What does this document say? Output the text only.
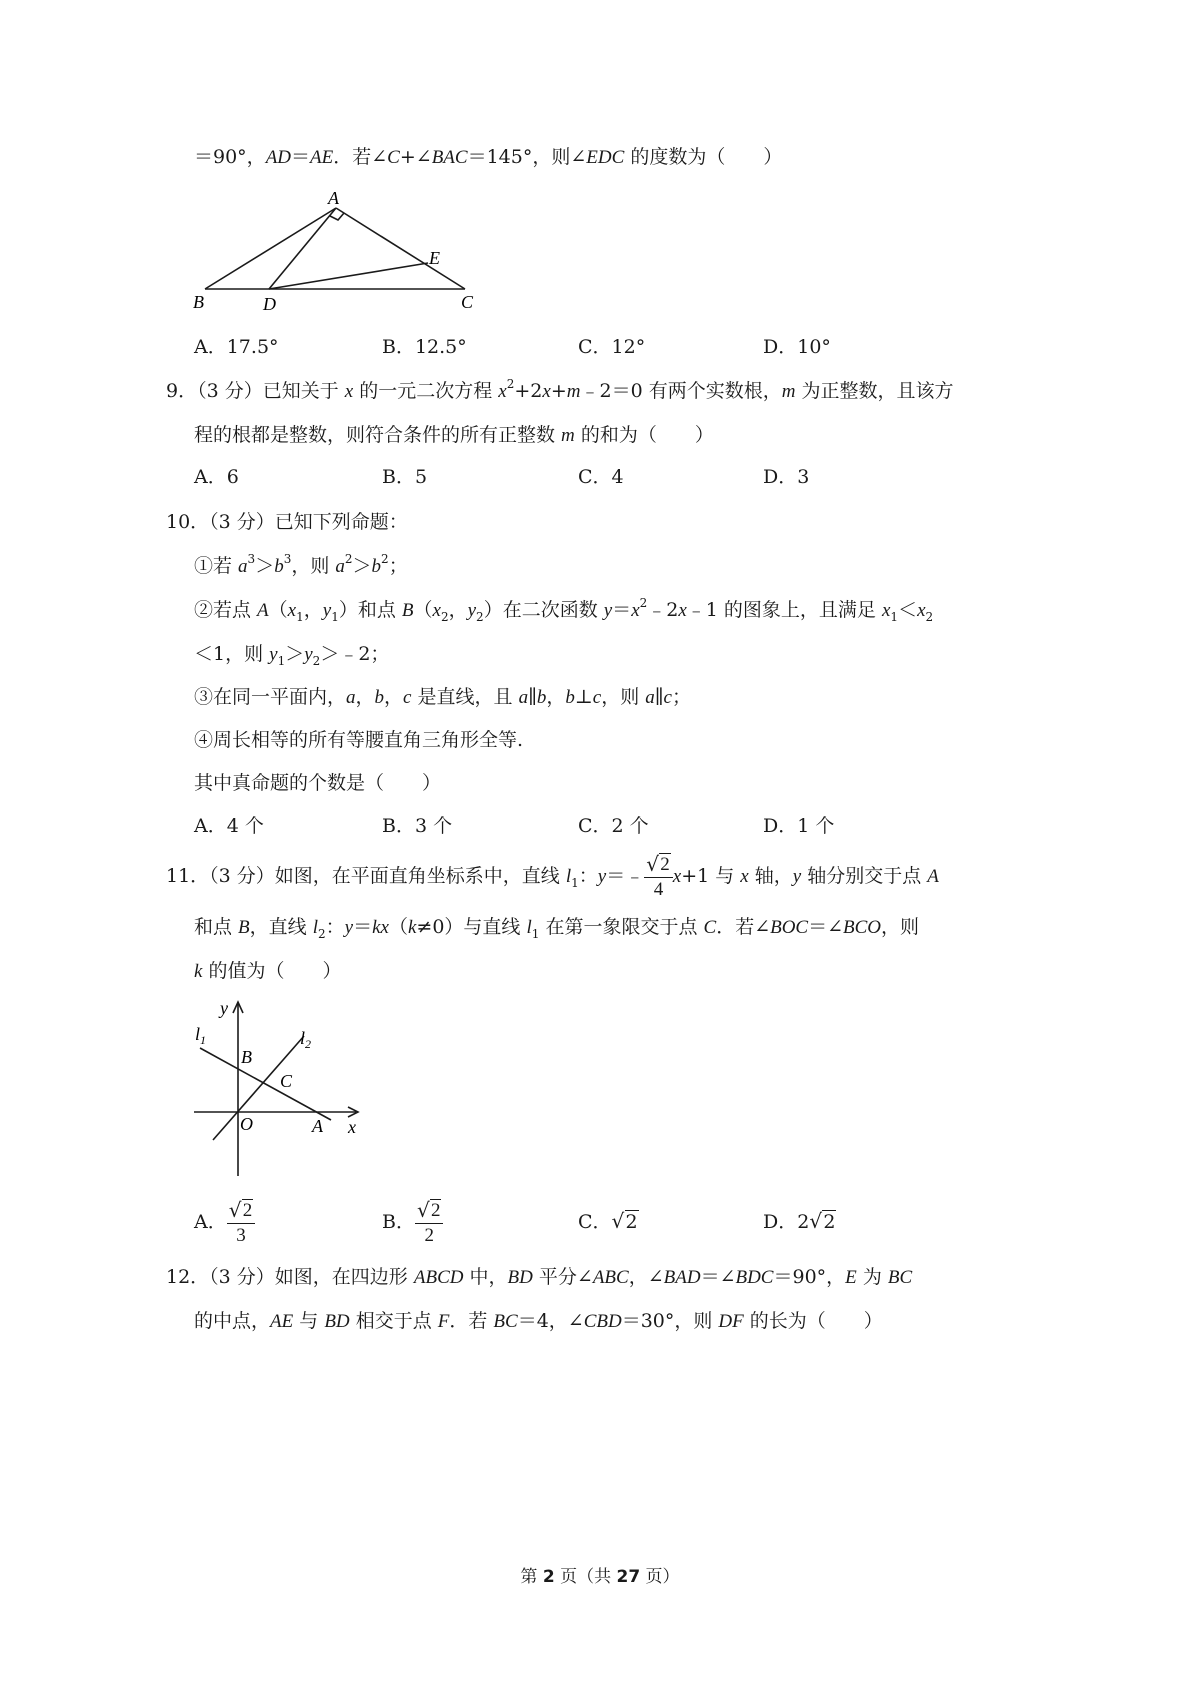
＝90°，AD＝AE．若∠C+∠BAC＝145°，则∠EDC 的度数为（　　）
A
B	D
E
C
A．17.5°	B．12.5°	C．12°	D．10°
9．（3 分）已知关于 x 的一元二次方程 $x^2+2x+m﹣2=0$ 有两个实数根，m 为正整数，且该方
程的根都是整数，则符合条件的所有正整数 m 的和为（　　）
A．6	B．5	C．4	D．3
10．（3 分）已知下列命题：
①若 $a^3>b^3$，则 $a^2>b^2$；
②若点 $A(x_1$，$y_1$）和点 $B(x_2$，$y_2$）在二次函数 $y=x^2﹣2x﹣1$ 的图象上，且满足 $x_1<x_2$
＜1，则 $y_1>y_2>﹣2$；
③在同一平面内，a，b，c 是直线，且 a∥b，b⊥c，则 a∥c；
④周长相等的所有等腰直角三角形全等.
其中真命题的个数是（　　）
A．4 个	B．3 个	C．2 个	D．1 个
11．（3 分）如图，在平面直角坐标系中，直线 $l_1$：y＝﹣ √ $\frac{2}{4} x+1$ 与 x 轴，y 轴分别交于点 A
和点 B，直线 $l_2$：y＝kx（k≠0）与直线 $l_1$ 在第一象限交于点 C．若∠BOC＝∠BCO，则
k 的值为（　　）
y
x
$l_1$	$l_2$
B
C
O	A
A． √ $\frac{2}{3}$	B． √ $\frac{2}{2}$	C． √ 2	D．2 √ 2
12．（3 分）如图，在四边形 ABCD 中，BD 平分∠ABC，∠BAD＝∠BDC＝90°，E 为 BC
的中点，AE 与 BD 相交于点 F．若 BC＝4，∠CBD＝30°，则 DF 的长为（　　）
第 2 页（共 27 页）
